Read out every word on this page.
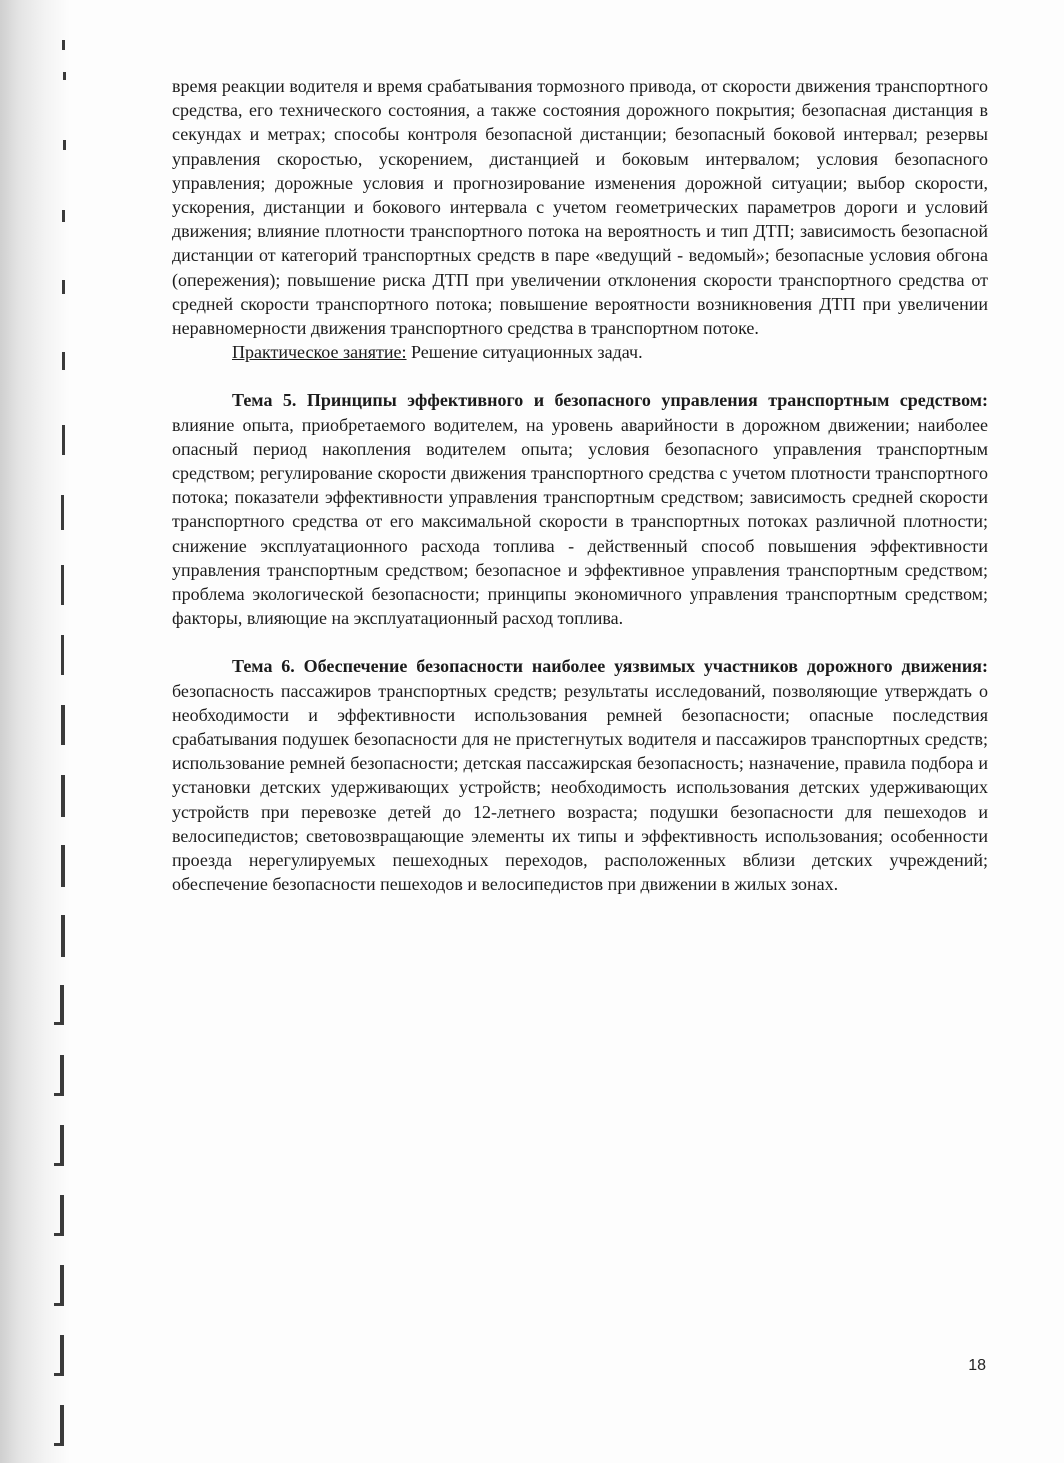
время реакции водителя и время срабатывания тормозного привода, от скорости движения транспортного средства, его технического состояния, а также состояния дорожного покрытия; безопасная дистанция в секундах и метрах; способы контроля безопасной дистанции; безопасный боковой интервал; резервы управления скоростью, ускорением, дистанцией и боковым интервалом; условия безопасного управления; дорожные условия и прогнозирование изменения дорожной ситуации; выбор скорости, ускорения, дистанции и бокового интервала с учетом геометрических параметров дороги и условий движения; влияние плотности транспортного потока на вероятность и тип ДТП; зависимость безопасной дистанции от категорий транспортных средств в паре «ведущий - ведомый»; безопасные условия обгона (опережения); повышение риска ДТП при увеличении отклонения скорости транспортного средства от средней скорости транспортного потока; повышение вероятности возникновения ДТП при увеличении неравномерности движения транспортного средства в транспортном потоке.

Практическое занятие: Решение ситуационных задач.

Тема 5. Принципы эффективного и безопасного управления транспортным средством: влияние опыта, приобретаемого водителем, на уровень аварийности в дорожном движении; наиболее опасный период накопления водителем опыта; условия безопасного управления транспортным средством; регулирование скорости движения транспортного средства с учетом плотности транспортного потока; показатели эффективности управления транспортным средством; зависимость средней скорости транспортного средства от его максимальной скорости в транспортных потоках различной плотности; снижение эксплуатационного расхода топлива - действенный способ повышения эффективности управления транспортным средством; безопасное и эффективное управления транспортным средством; проблема экологической безопасности; принципы экономичного управления транспортным средством; факторы, влияющие на эксплуатационный расход топлива.

Тема 6. Обеспечение безопасности наиболее уязвимых участников дорожного движения: безопасность пассажиров транспортных средств; результаты исследований, позволяющие утверждать о необходимости и эффективности использования ремней безопасности; опасные последствия срабатывания подушек безопасности для не пристегнутых водителя и пассажиров транспортных средств; использование ремней безопасности; детская пассажирская безопасность; назначение, правила подбора и установки детских удерживающих устройств; необходимость использования детских удерживающих устройств при перевозке детей до 12-летнего возраста; подушки безопасности для пешеходов и велосипедистов; световозвращающие элементы их типы и эффективность использования; особенности проезда нерегулируемых пешеходных переходов, расположенных вблизи детских учреждений; обеспечение безопасности пешеходов и велосипедистов при движении в жилых зонах.

18
